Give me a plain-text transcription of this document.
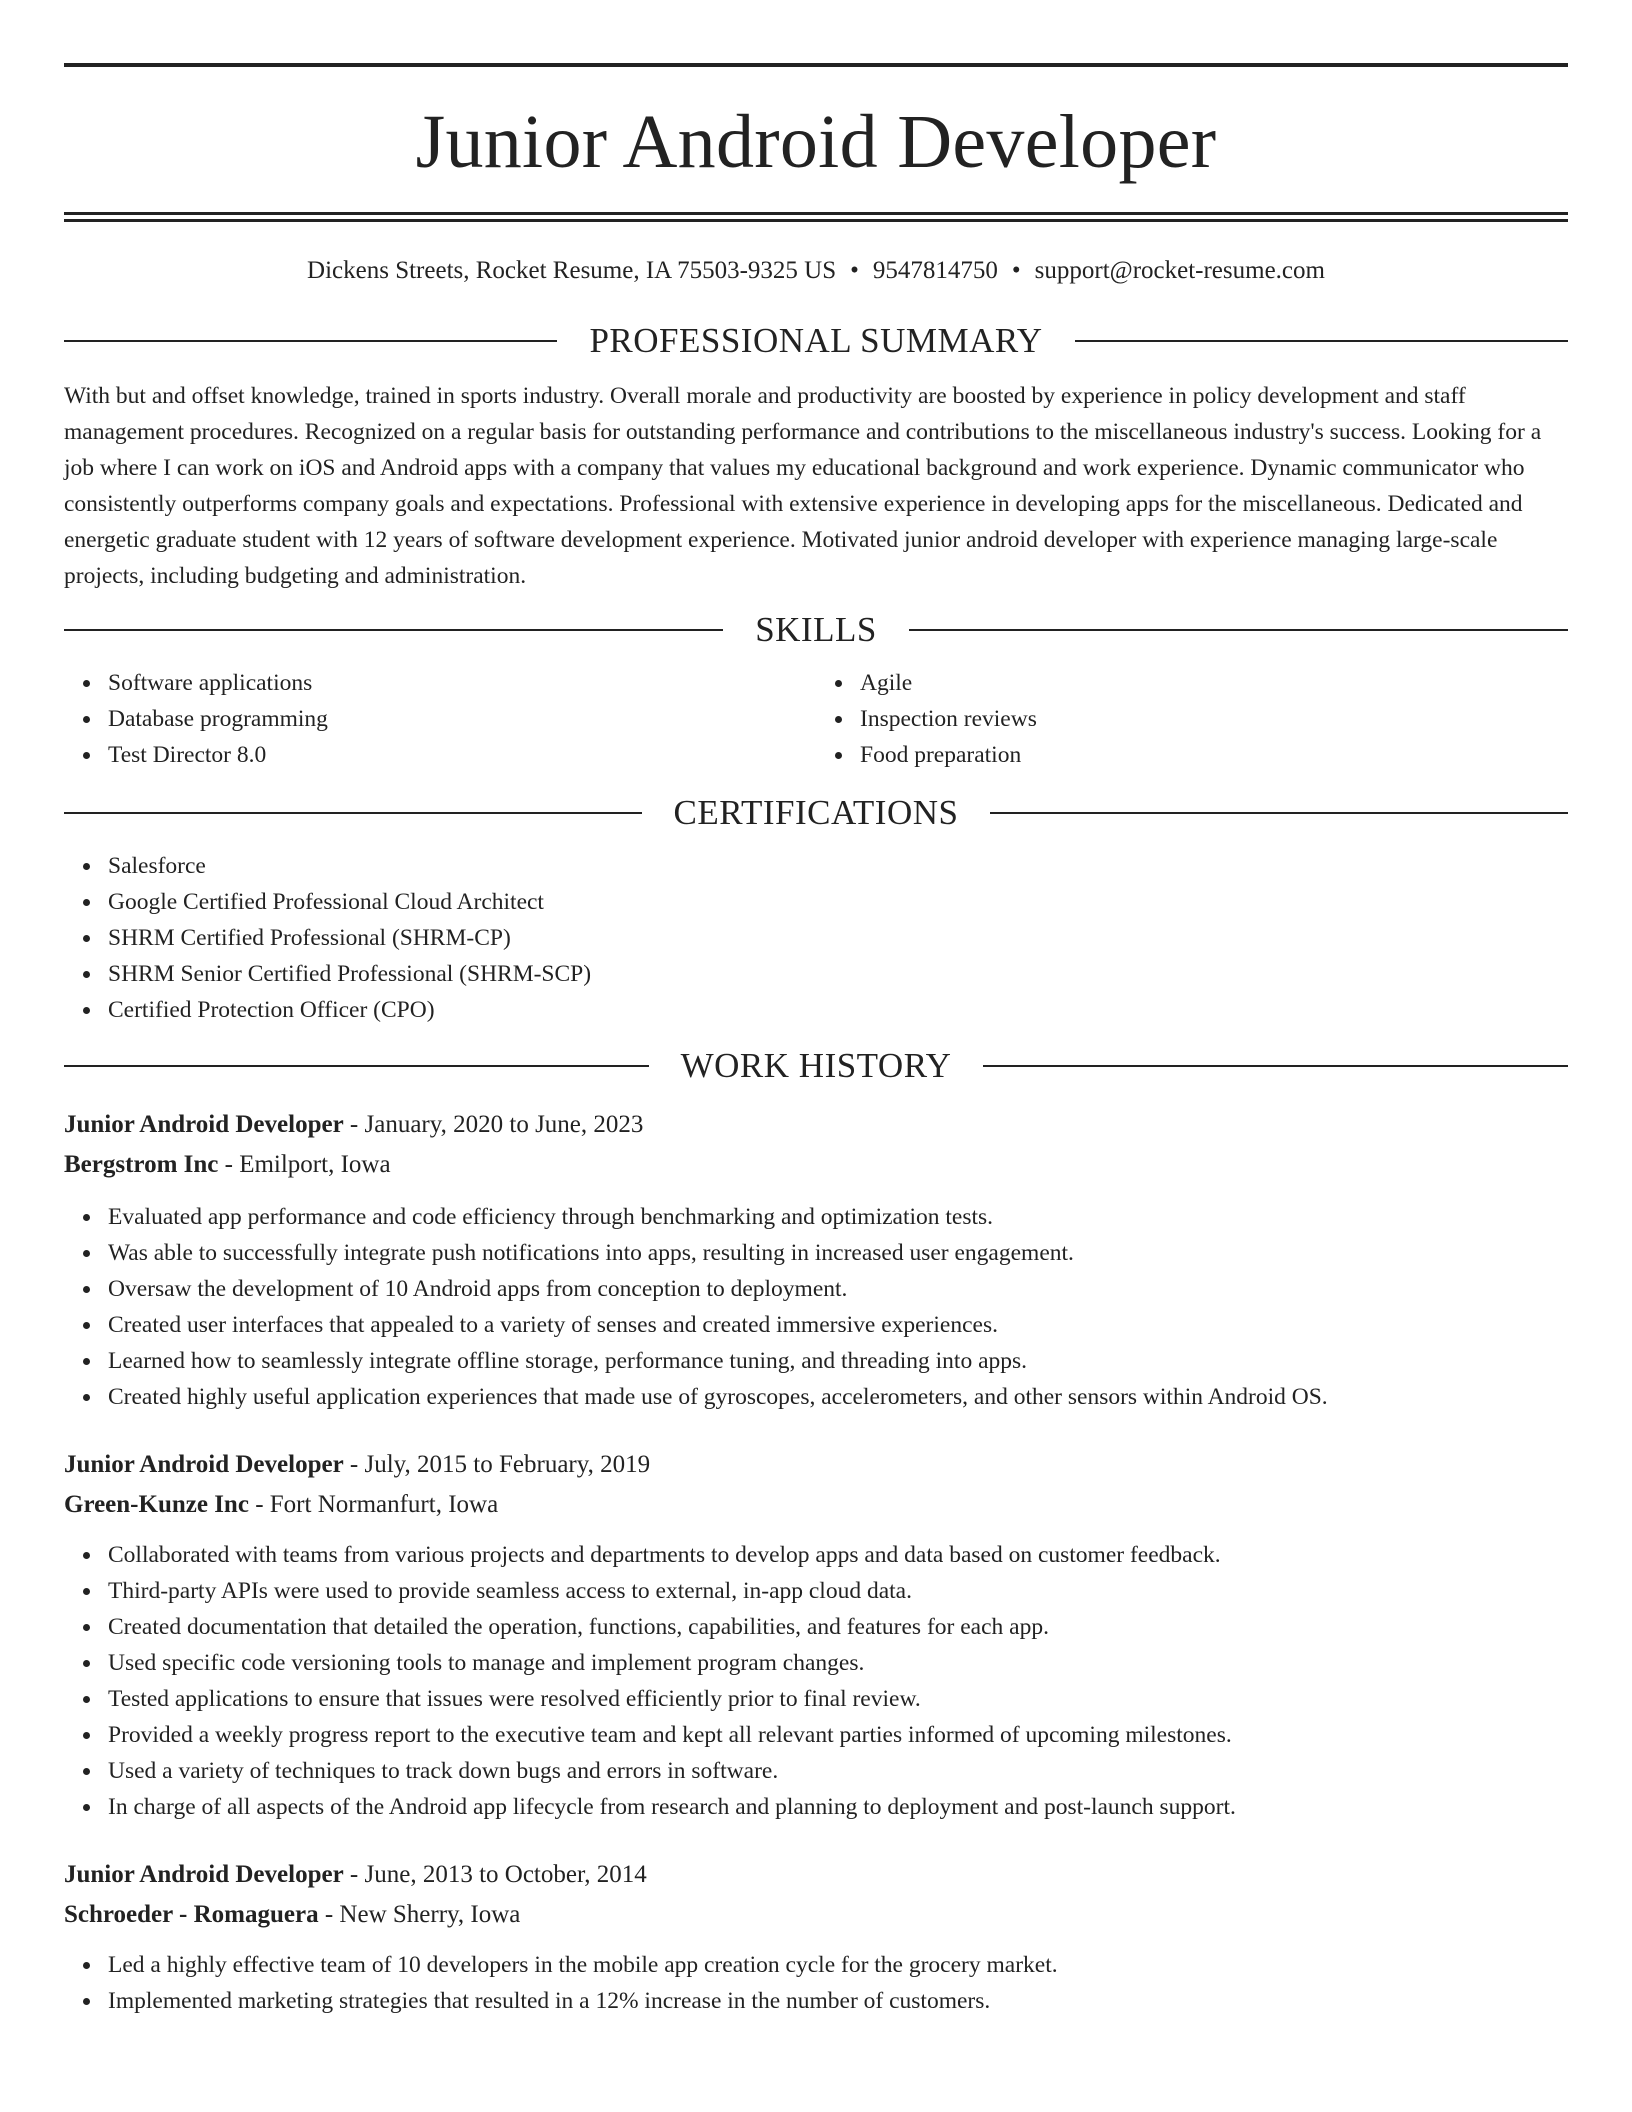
Junior Android Developer
Dickens Streets, Rocket Resume, IA 75503-9325 US • 9547814750 • support@rocket-resume.com
PROFESSIONAL SUMMARY

With but and offset knowledge, trained in sports industry. Overall morale and productivity are boosted by experience in policy development and staff management procedures. Recognized on a regular basis for outstanding performance and contributions to the miscellaneous industry's success. Looking for a job where I can work on iOS and Android apps with a company that values my educational background and work experience. Dynamic communicator who consistently outperforms company goals and expectations. Professional with extensive experience in developing apps for the miscellaneous. Dedicated and energetic graduate student with 12 years of software development experience. Motivated junior android developer with experience managing large-scale projects, including budgeting and administration.

SKILLS
Software applications
Database programming
Test Director 8.0
Agile
Inspection reviews
Food preparation
CERTIFICATIONS
Salesforce
Google Certified Professional Cloud Architect
SHRM Certified Professional (SHRM-CP)
SHRM Senior Certified Professional (SHRM-SCP)
Certified Protection Officer (CPO)
WORK HISTORY

Junior Android Developer - January, 2020 to June, 2023

Bergstrom Inc - Emilport, Iowa

Evaluated app performance and code efficiency through benchmarking and optimization tests.
Was able to successfully integrate push notifications into apps, resulting in increased user engagement.
Oversaw the development of 10 Android apps from conception to deployment.
Created user interfaces that appealed to a variety of senses and created immersive experiences.
Learned how to seamlessly integrate offline storage, performance tuning, and threading into apps.
Created highly useful application experiences that made use of gyroscopes, accelerometers, and other sensors within Android OS.

Junior Android Developer - July, 2015 to February, 2019

Green-Kunze Inc - Fort Normanfurt, Iowa

Collaborated with teams from various projects and departments to develop apps and data based on customer feedback.
Third-party APIs were used to provide seamless access to external, in-app cloud data.
Created documentation that detailed the operation, functions, capabilities, and features for each app.
Used specific code versioning tools to manage and implement program changes.
Tested applications to ensure that issues were resolved efficiently prior to final review.
Provided a weekly progress report to the executive team and kept all relevant parties informed of upcoming milestones.
Used a variety of techniques to track down bugs and errors in software.
In charge of all aspects of the Android app lifecycle from research and planning to deployment and post-launch support.

Junior Android Developer - June, 2013 to October, 2014

Schroeder - Romaguera - New Sherry, Iowa

Led a highly effective team of 10 developers in the mobile app creation cycle for the grocery market.
Implemented marketing strategies that resulted in a 12% increase in the number of customers.
